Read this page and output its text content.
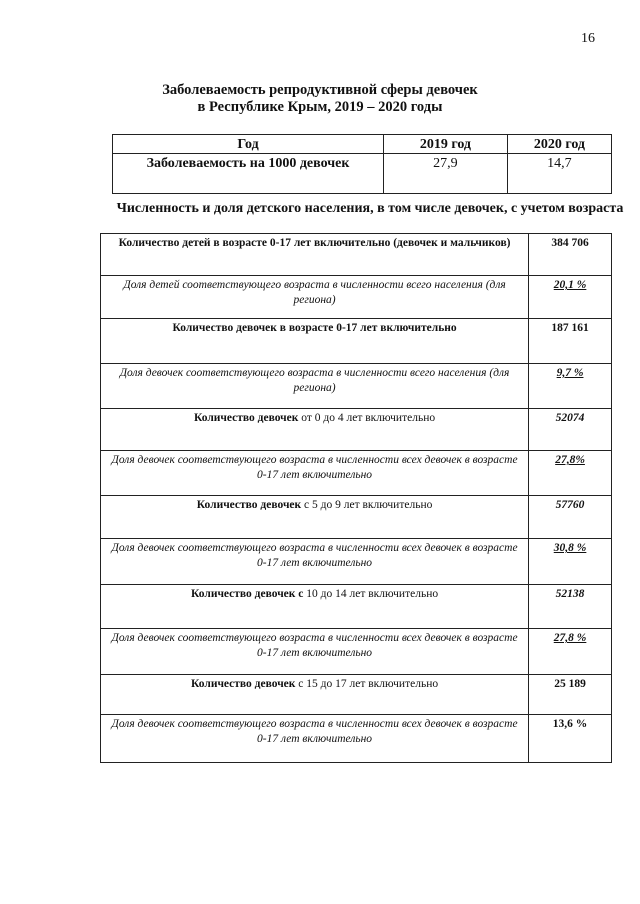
16
Заболеваемость репродуктивной сферы девочек
в Республике Крым, 2019 – 2020 годы
Год	2019 год	2020 год
Заболеваемость на 1000 девочек	27,9	14,7
Численность и доля детского населения, в том числе девочек, с учетом возраста
Количество детей в возрасте 0-17 лет включительно (девочек и мальчиков)	384 706
Доля детей соответствующего возраста в численности всего населения (для региона)	20,1 %
Количество девочек в возрасте 0-17 лет включительно	187 161
Доля девочек соответствующего возраста в численности всего населения (для региона)	9,7 %
Количество девочек от 0 до 4 лет включительно	52074
Доля девочек соответствующего возраста в численности всех девочек в возрасте 0-17 лет включительно	27,8%
Количество девочек с 5 до 9 лет включительно	57760
Доля девочек соответствующего возраста в численности всех девочек в возрасте 0-17 лет включительно	30,8 %
Количество девочек с 10 до 14 лет включительно	52138
Доля девочек соответствующего возраста в численности всех девочек в возрасте 0-17 лет включительно	27,8 %
Количество девочек с 15 до 17 лет включительно	25 189
Доля девочек соответствующего возраста в численности всех девочек в возрасте 0-17 лет включительно	13,6 %
